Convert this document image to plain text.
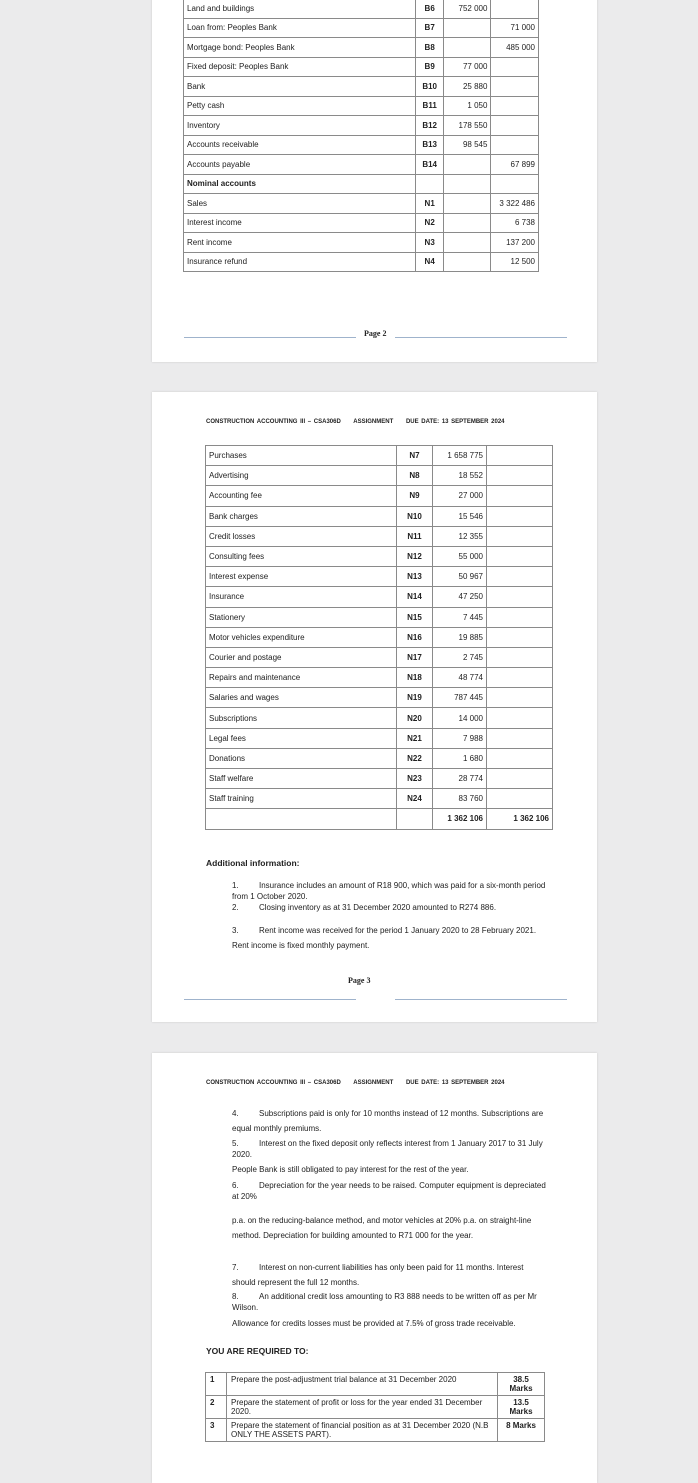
Land and buildings	B6	752 000	
Loan from: Peoples Bank	B7		71 000
Mortgage bond: Peoples Bank	B8		485 000
Fixed deposit: Peoples Bank	B9	77 000	
Bank	B10	25 880	
Petty cash	B11	1 050	
Inventory	B12	178 550	
Accounts receivable	B13	98 545	
Accounts payable	B14		67 899
Nominal accounts			
Sales	N1		3 322 486
Interest income	N2		6 738
Rent income	N3		137 200
Insurance refund	N4		12 500
Page 2
CONSTRUCTION ACCOUNTING III – CSA306D ASSIGNMENT DUE DATE: 13 SEPTEMBER 2024
Purchases	N7	1 658 775	
Advertising	N8	18 552	
Accounting fee	N9	27 000	
Bank charges	N10	15 546	
Credit losses	N11	12 355	
Consulting fees	N12	55 000	
Interest expense	N13	50 967	
Insurance	N14	47 250	
Stationery	N15	7 445	
Motor vehicles expenditure	N16	19 885	
Courier and postage	N17	2 745	
Repairs and maintenance	N18	48 774	
Salaries and wages	N19	787 445	
Subscriptions	N20	14 000	
Legal fees	N21	7 988	
Donations	N22	1 680	
Staff welfare	N23	28 774	
Staff training	N24	83 760	
		1 362 106	1 362 106
Additional information:
1.	Insurance includes an amount of R18 900, which was paid for a six-month period from 1 October 2020.
2.	Closing inventory as at 31 December 2020 amounted to R274 886.
3.	Rent income was received for the period 1 January 2020 to 28 February 2021. Rent income is fixed monthly payment.
Page 3
CONSTRUCTION ACCOUNTING III – CSA306D ASSIGNMENT DUE DATE: 13 SEPTEMBER 2024
4.	Subscriptions paid is only for 10 months instead of 12 months. Subscriptions are equal monthly premiums.
5.	Interest on the fixed deposit only reflects interest from 1 January 2017 to 31 July 2020.
People Bank is still obligated to pay interest for the rest of the year.
6.	Depreciation for the year needs to be raised. Computer equipment is depreciated at 20%
p.a. on the reducing-balance method, and motor vehicles at 20% p.a. on straight-line method. Depreciation for building amounted to R71 000 for the year.
7.	Interest on non-current liabilities has only been paid for 11 months. Interest should represent the full 12 months.
8.	An additional credit loss amounting to R3 888 needs to be written off as per Mr Wilson.
Allowance for credits losses must be provided at 7.5% of gross trade receivable.
YOU ARE REQUIRED TO:
1	Prepare the post-adjustment trial balance at 31 December 2020	38.5 Marks
2	Prepare the statement of profit or loss for the year ended 31 December 2020.	13.5 Marks
3	Prepare the statement of financial position as at 31 December 2020 (N.B ONLY THE ASSETS PART).	8 Marks
